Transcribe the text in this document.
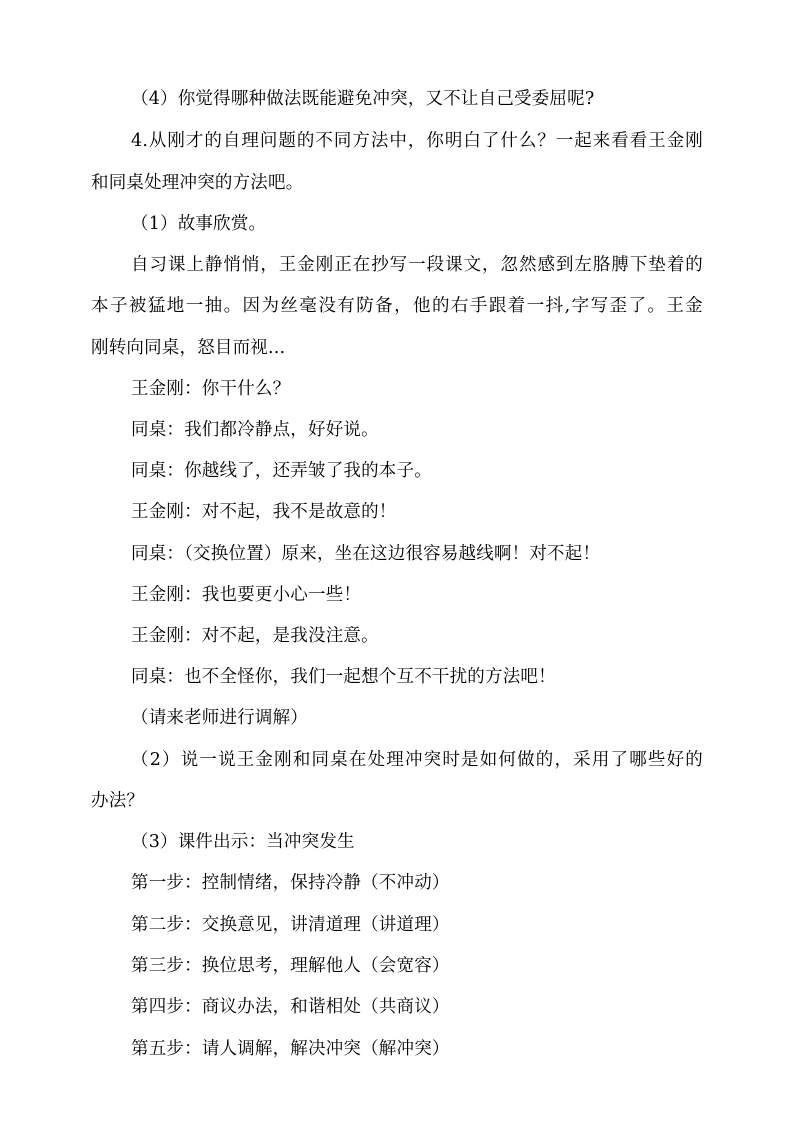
（4）你觉得哪种做法既能避免冲突，又不让自己受委屈呢?
4.从刚才的自理问题的不同方法中，你明白了什么？一起来看看王金刚
和同桌处理冲突的方法吧。
（1）故事欣赏。
自习课上静悄悄，王金刚正在抄写一段课文，忽然感到左胳膊下垫着的
本子被猛地一抽。因为丝毫没有防备，他的右手跟着一抖,字写歪了。王金
刚转向同桌，怒目而视...
王金刚：你干什么？
同桌：我们都冷静点，好好说。
同桌：你越线了，还弄皱了我的本子。
王金刚：对不起，我不是故意的！
同桌：（交换位置）原来，坐在这边很容易越线啊！对不起！
王金刚：我也要更小心一些！
王金刚：对不起，是我没注意。
同桌：也不全怪你，我们一起想个互不干扰的方法吧！
（请来老师进行调解）
（2）说一说王金刚和同桌在处理冲突时是如何做的，采用了哪些好的
办法？
（3）课件出示：当冲突发生
第一步：控制情绪，保持冷静（不冲动）
第二步：交换意见，讲清道理（讲道理）
第三步：换位思考，理解他人（会宽容）
第四步：商议办法，和谐相处（共商议）
第五步：请人调解，解决冲突（解冲突）
